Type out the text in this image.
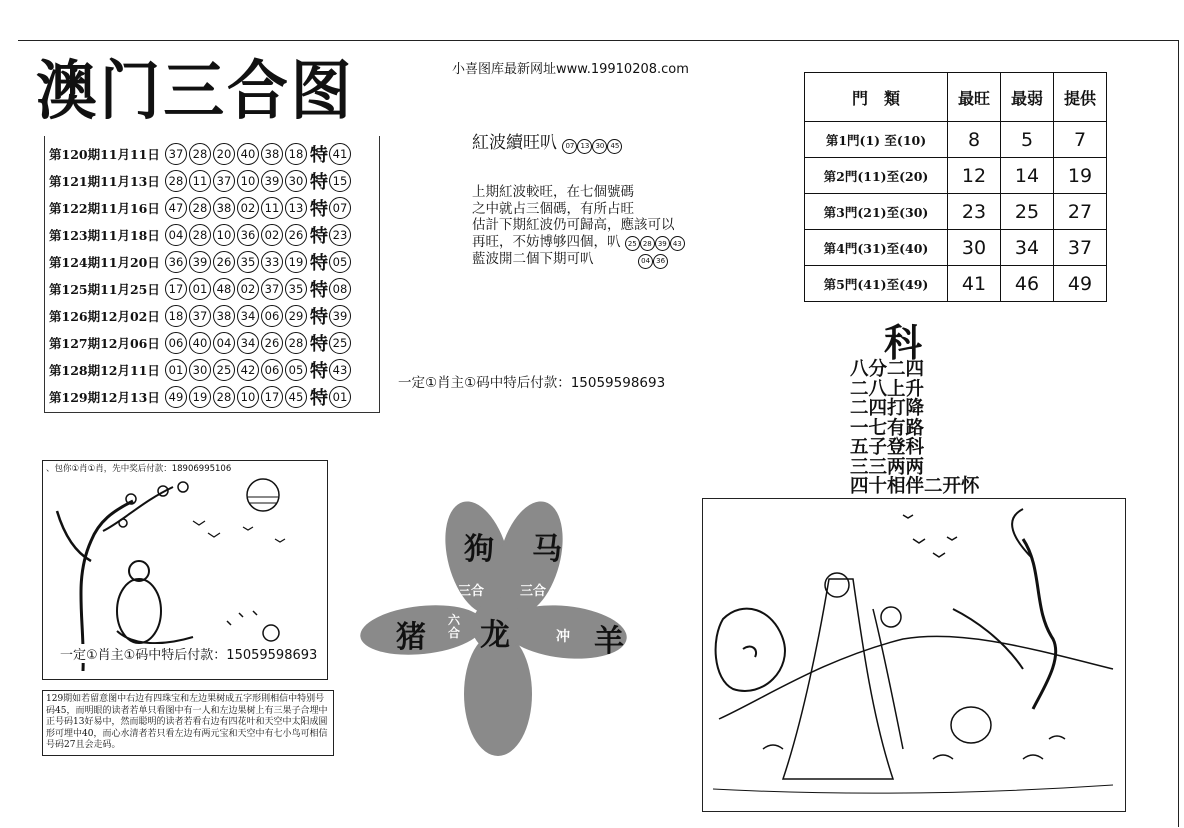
澳门三合图	小喜图库最新网址www.19910208.com
第120期11月11日 37 28 20 40 38 18 特 41
第121期11月13日 28 11 37 10 39 30 特 15
第122期11月16日 47 28 38 02 11 13 特 07
第123期11月18日 04 28 10 36 02 26 特 23
第124期11月20日 36 39 26 35 33 19 特 05
第125期11月25日 17 01 48 02 37 35 特 08
第126期12月02日 18 37 38 34 06 29 特 39
第127期12月06日 06 40 04 34 26 28 特 25
第128期12月11日 01 30 25 42 06 05 特 43
第129期12月13日 49 19 28 10 17 45 特 01
紅波續旺叭 07 13 30 45
上期紅波較旺，在七個號碼
之中就占三個碼，有所占旺
估計下期紅波仍可歸高，應該可以
再旺，不妨博够四個，叭 25 28 39 43
藍波開二個下期可叭	04 36
門　類	最旺	最弱	提供
第1門(1) 至(10)	8	5	7
第2門(11)至(20)	12	14	19
第3門(21)至(30)	23	25	27
第4門(31)至(40)	30	34	37
第5門(41)至(49)	41	46	49
科
八分二四
二八上升
二四打降
一七有路
五子登科
三三两两
四十相伴二开怀
一定①肖主①码中特后付款：15059598693
、包你①肖①肖，先中奖后付款：18906995106
一定①肖主①码中特后付款：15059598693
129期如若留意图中右边有四珠宝和左边果树成五字形則相信中特别号码45，而明眼的读者若单只看图中有一人和左边果树上有三果子合埋中正号码13好易中，然而聪明的读者若看右边有四花叶和天空中太阳成圆形可埋中40，而心水清者若只看左边有两元宝和天空中有七小鸟可相信号码27且会走码。
狗 马
猪	羊
龙
三合	三合
六合	冲
